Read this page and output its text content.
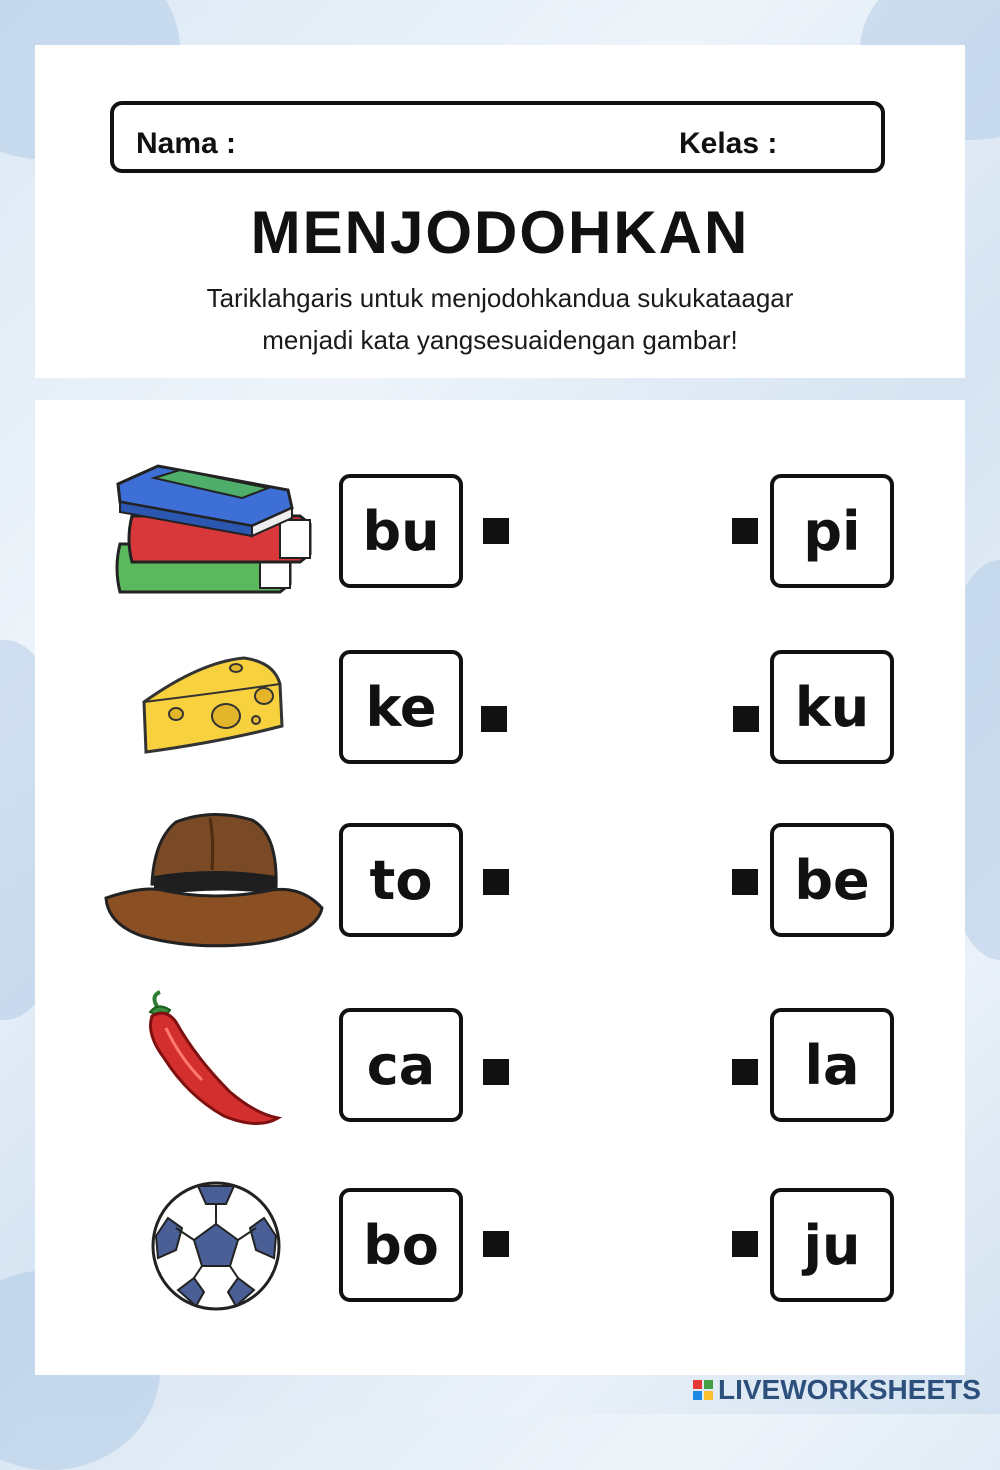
Nama :	Kelas :
MENJODOHKAN
Tariklahgaris untuk menjodohkandua sukukataagar
menjadi kata yangsesuaidengan gambar!
bu
ke
to
ca
bo
pi
ku
be
la
ju
LIVEWORKSHEETS
